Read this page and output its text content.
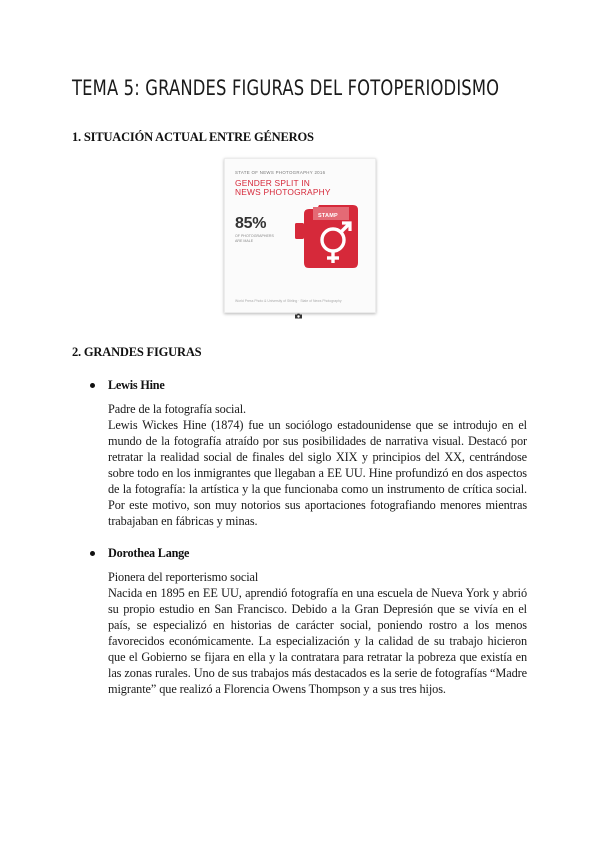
TEMA 5: GRANDES FIGURAS DEL FOTOPERIODISMO
1. SITUACIÓN ACTUAL ENTRE GÉNEROS
STATE OF NEWS PHOTOGRAPHY 2016
GENDER SPLIT IN
NEWS PHOTOGRAPHY
STAMP
85%
OF PHOTOGRAPHERS ARE MALE
World Press Photo & University of Stirling · State of News Photography
2. GRANDES FIGURAS
Lewis Hine
Padre de la fotografía social.
Lewis Wickes Hine (1874) fue un sociólogo estadounidense que se introdujo en el mundo de la fotografía atraído por sus posibilidades de narrativa visual. Destacó por retratar la realidad social de finales del siglo XIX y principios del XX, centrándose sobre todo en los inmigrantes que llegaban a EE UU. Hine profundizó en dos aspectos de la fotografía: la artística y la que funcionaba como un instrumento de crítica social. Por este motivo, son muy notorios sus aportaciones fotografiando menores mientras trabajaban en fábricas y minas.
Dorothea Lange
Pionera del reporterismo social
Nacida en 1895 en EE UU, aprendió fotografía en una escuela de Nueva York y abrió su propio estudio en San Francisco. Debido a la Gran Depresión que se vivía en el país, se especializó en historias de carácter social, poniendo rostro a los menos favorecidos económicamente. La especialización y la calidad de su trabajo hicieron que el Gobierno se fijara en ella y la contratara para retratar la pobreza que existía en las zonas rurales. Uno de sus trabajos más destacados es la serie de fotografías “Madre migrante” que realizó a Florencia Owens Thompson y a sus tres hijos.
